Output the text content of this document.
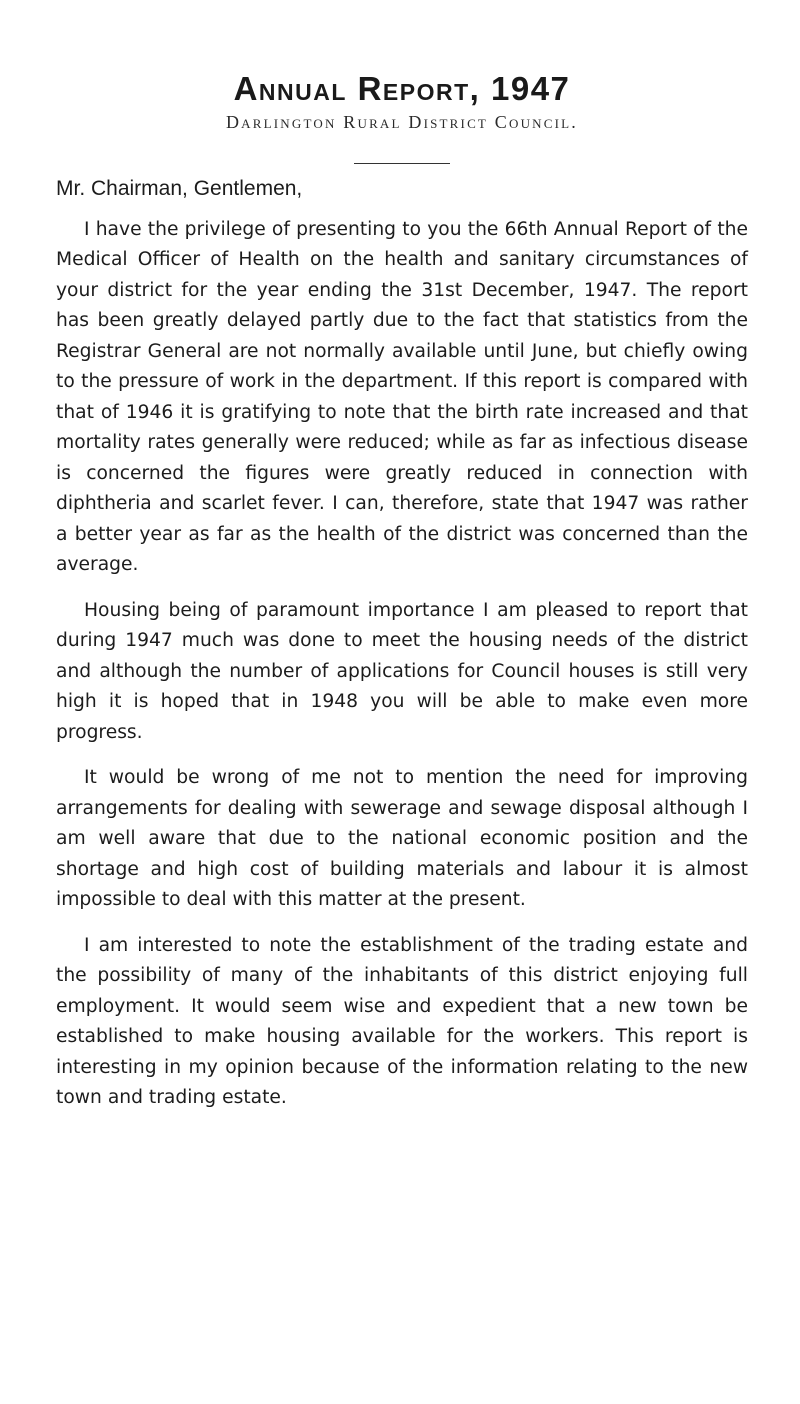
Annual Report, 1947
Darlington Rural District Council.

Mr. Chairman, Gentlemen,

I have the privilege of presenting to you the 66th Annual Report of the Medical Officer of Health on the health and sanitary circumstances of your district for the year ending the 31st December, 1947. The report has been greatly delayed partly due to the fact that statistics from the Registrar General are not normally available until June, but chiefly owing to the pressure of work in the department. If this report is compared with that of 1946 it is gratifying to note that the birth rate increased and that mortality rates generally were reduced; while as far as infectious disease is concerned the figures were greatly reduced in connection with diphtheria and scarlet fever. I can, therefore, state that 1947 was rather a better year as far as the health of the district was concerned than the average.

Housing being of paramount importance I am pleased to report that during 1947 much was done to meet the housing needs of the district and although the number of applications for Council houses is still very high it is hoped that in 1948 you will be able to make even more progress.

It would be wrong of me not to mention the need for improving arrangements for dealing with sewerage and sewage disposal although I am well aware that due to the national economic position and the shortage and high cost of building materials and labour it is almost impossible to deal with this matter at the present.

I am interested to note the establishment of the trading estate and the possibility of many of the inhabitants of this district enjoying full employment. It would seem wise and expedient that a new town be established to make housing available for the workers. This report is interesting in my opinion because of the information relating to the new town and trading estate.
